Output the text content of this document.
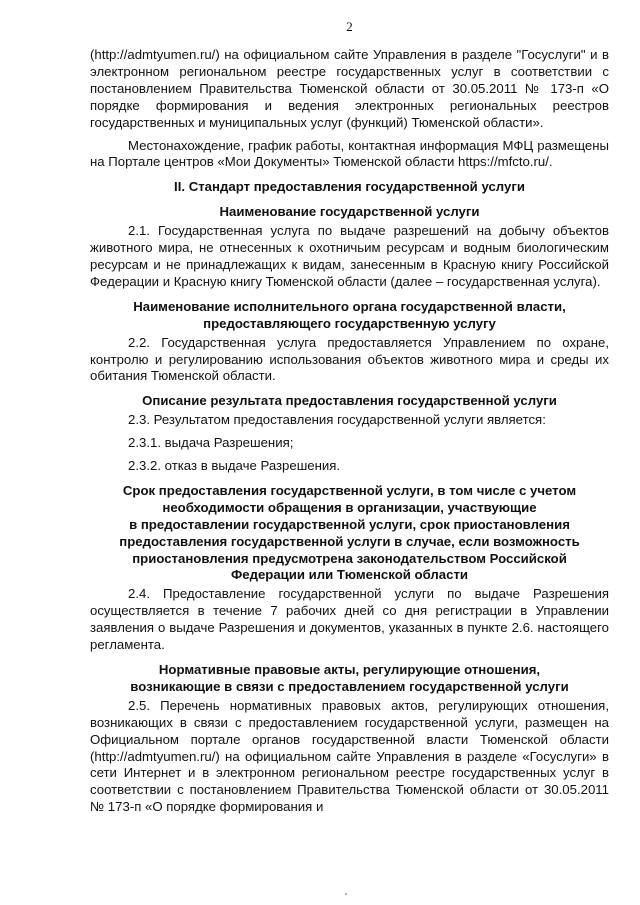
2

(http://admtyumen.ru/) на официальном сайте Управления в разделе "Госуслуги" и в электронном региональном реестре государственных услуг в соответствии с постановлением Правительства Тюменской области от 30.05.2011 № 173-п «О порядке формирования и ведения электронных региональных реестров государственных и муниципальных услуг (функций) Тюменской области».

Местонахождение, график работы, контактная информация МФЦ размещены на Портале центров «Мои Документы» Тюменской области https://mfcto.ru/.

II. Стандарт предоставления государственной услуги
Наименование государственной услуги

2.1. Государственная услуга по выдаче разрешений на добычу объектов животного мира, не отнесенных к охотничьим ресурсам и водным биологическим ресурсам и не принадлежащих к видам, занесенным в Красную книгу Российской Федерации и Красную книгу Тюменской области (далее – государственная услуга).

Наименование исполнительного органа государственной власти,
предоставляющего государственную услугу

2.2. Государственная услуга предоставляется Управлением по охране, контролю и регулированию использования объектов животного мира и среды их обитания Тюменской области.

Описание результата предоставления государственной услуги

2.3. Результатом предоставления государственной услуги является:

2.3.1. выдача Разрешения;

2.3.2. отказ в выдаче Разрешения.

Срок предоставления государственной услуги, в том числе с учетом
необходимости обращения в организации, участвующие
в предоставлении государственной услуги, срок приостановления
предоставления государственной услуги в случае, если возможность
приостановления предусмотрена законодательством Российской
Федерации или Тюменской области

2.4. Предоставление государственной услуги по выдаче Разрешения осуществляется в течение 7 рабочих дней со дня регистрации в Управлении заявления о выдаче Разрешения и документов, указанных в пункте 2.6. настоящего регламента.

Нормативные правовые акты, регулирующие отношения,
возникающие в связи с предоставлением государственной услуги

2.5. Перечень нормативных правовых актов, регулирующих отношения, возникающих в связи с предоставлением государственной услуги, размещен на Официальном портале органов государственной власти Тюменской области (http://admtyumen.ru/) на официальном сайте Управления в разделе «Госуслуги» в сети Интернет и в электронном региональном реестре государственных услуг в соответствии с постановлением Правительства Тюменской области от 30.05.2011 № 173-п «О порядке формирования и
